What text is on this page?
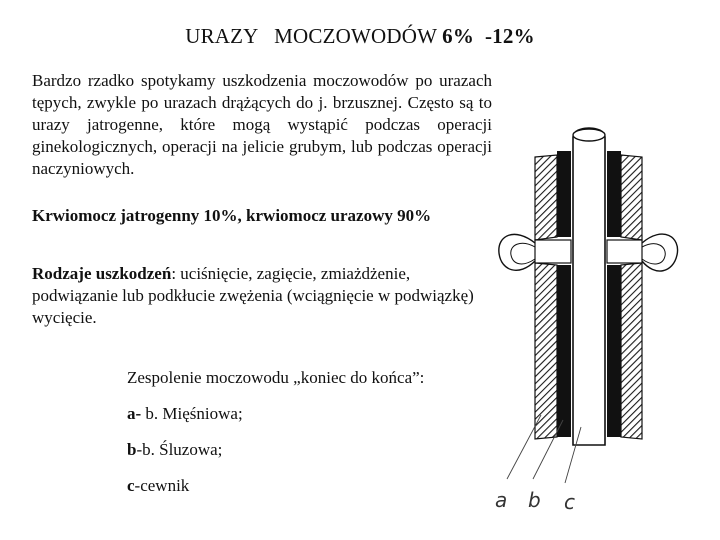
URAZY   MOCZOWODÓW 6%  -12%
Bardzo rzadko spotykamy uszkodzenia moczowodów po urazach tępych, zwykle po urazach drążących do j. brzusznej. Często są to urazy jatrogenne, które mogą wystąpić podczas operacji ginekologicznych, operacji na jelicie grubym, lub podczas operacji naczyniowych.
Krwiomocz jatrogenny 10%, krwiomocz urazowy 90%
Rodzaje uszkodzeń: uciśnięcie, zagięcie, zmiażdżenie, podwiązanie lub podkłucie zwężenia (wciągnięcie w podwiązkę) wycięcie.
Zespolenie moczowodu „koniec do końca”:
a- b. Mięśniowa;
b-b. Śluzowa;
c-cewnik
a b c
